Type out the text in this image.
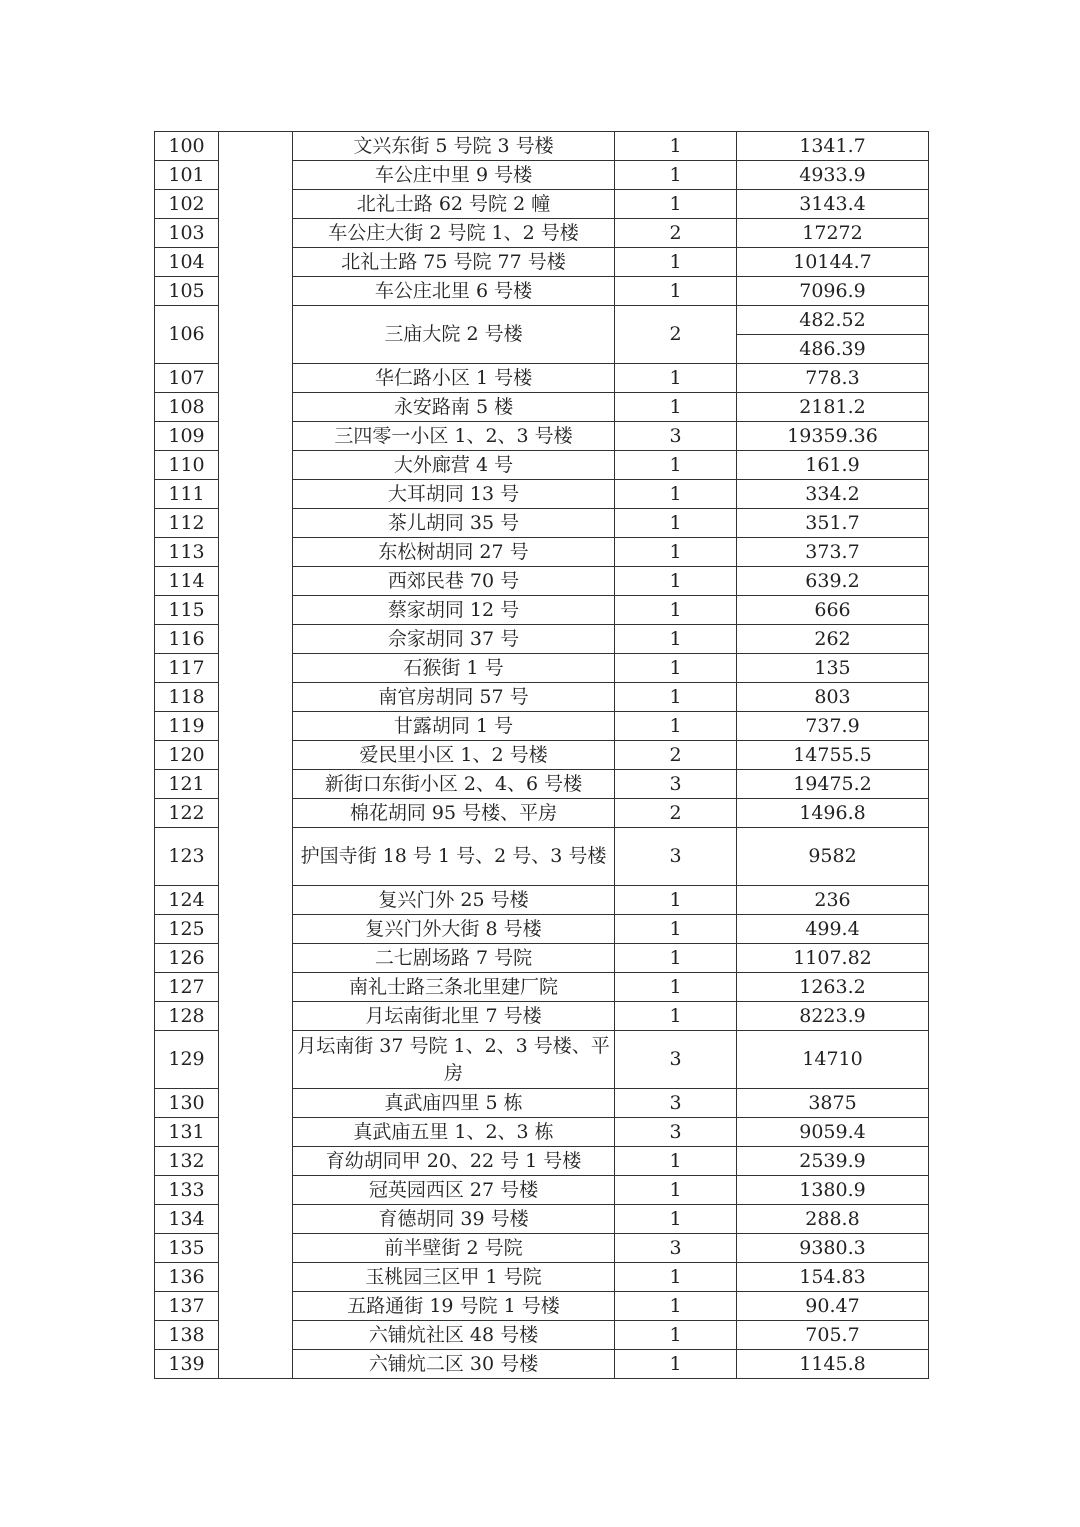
100		文兴东街 5 号院 3 号楼	1	1341.7
101		车公庄中里 9 号楼	1	4933.9
102		北礼士路 62 号院 2 幢	1	3143.4
103		车公庄大街 2 号院 1、2 号楼	2	17272
104		北礼士路 75 号院 77 号楼	1	10144.7
105		车公庄北里 6 号楼	1	7096.9
106		三庙大院 2 号楼	2	482.52
				486.39
107		华仁路小区 1 号楼	1	778.3
108		永安路南 5 楼	1	2181.2
109		三四零一小区 1、2、3 号楼	3	19359.36
110		大外廊营 4 号	1	161.9
111		大耳胡同 13 号	1	334.2
112		茶儿胡同 35 号	1	351.7
113		东松树胡同 27 号	1	373.7
114		西郊民巷 70 号	1	639.2
115		蔡家胡同 12 号	1	666
116		佘家胡同 37 号	1	262
117		石猴街 1 号	1	135
118		南官房胡同 57 号	1	803
119		甘露胡同 1 号	1	737.9
120		爱民里小区 1、2 号楼	2	14755.5
121		新街口东街小区 2、4、6 号楼	3	19475.2
122		棉花胡同 95 号楼、平房	2	1496.8
123		护国寺街 18 号 1 号、2 号、3 号楼	3	9582
124		复兴门外 25 号楼	1	236
125		复兴门外大街 8 号楼	1	499.4
126		二七剧场路 7 号院	1	1107.82
127		南礼士路三条北里建厂院	1	1263.2
128		月坛南街北里 7 号楼	1	8223.9
129		月坛南街 37 号院 1、2、3 号楼、平房	3	14710
130		真武庙四里 5 栋	3	3875
131		真武庙五里 1、2、3 栋	3	9059.4
132		育幼胡同甲 20、22 号 1 号楼	1	2539.9
133		冠英园西区 27 号楼	1	1380.9
134		育德胡同 39 号楼	1	288.8
135		前半壁街 2 号院	3	9380.3
136		玉桃园三区甲 1 号院	1	154.83
137		五路通街 19 号院 1 号楼	1	90.47
138		六铺炕社区 48 号楼	1	705.7
139		六铺炕二区 30 号楼	1	1145.8
